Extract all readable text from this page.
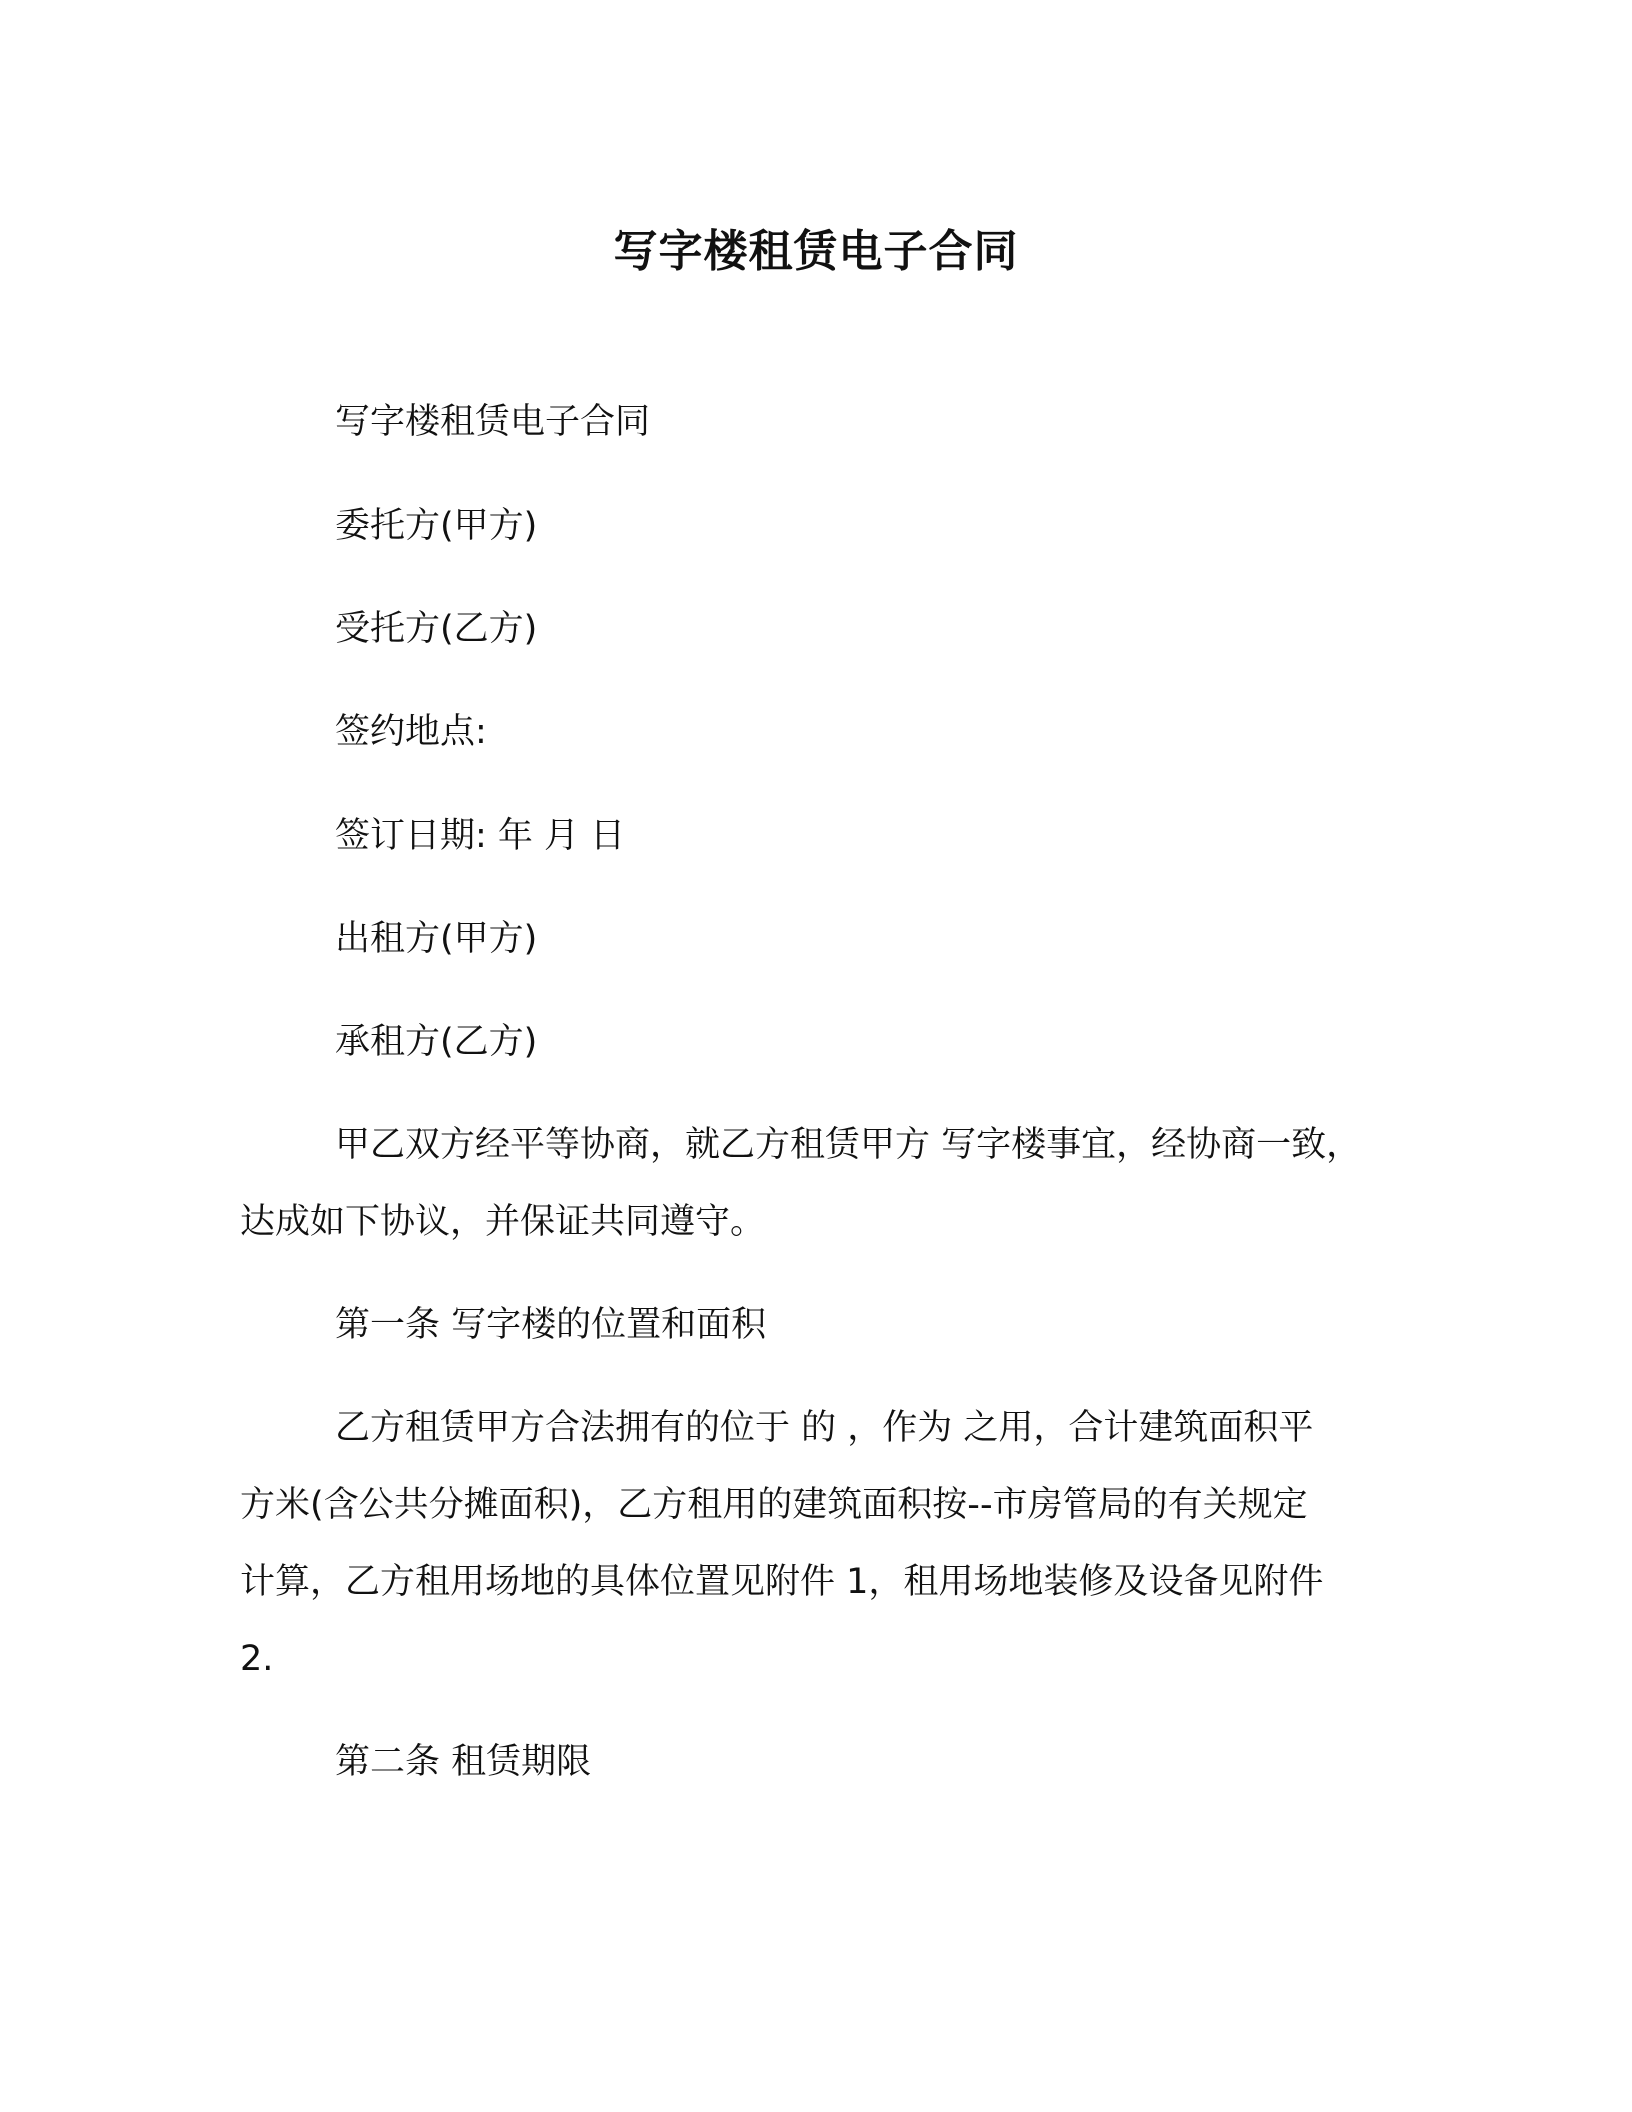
写字楼租赁电子合同
写字楼租赁电子合同
委托方(甲方)
受托方(乙方)
签约地点:
签订日期: 年 月 日
出租方(甲方)
承租方(乙方)
甲乙双方经平等协商，就乙方租赁甲方 写字楼事宜，经协商一致，
达成如下协议，并保证共同遵守。
第一条 写字楼的位置和面积
乙方租赁甲方合法拥有的位于 的 ，作为 之用，合计建筑面积平
方米(含公共分摊面积)，乙方租用的建筑面积按--市房管局的有关规定
计算，乙方租用场地的具体位置见附件 1，租用场地装修及设备见附件
2.
第二条 租赁期限
